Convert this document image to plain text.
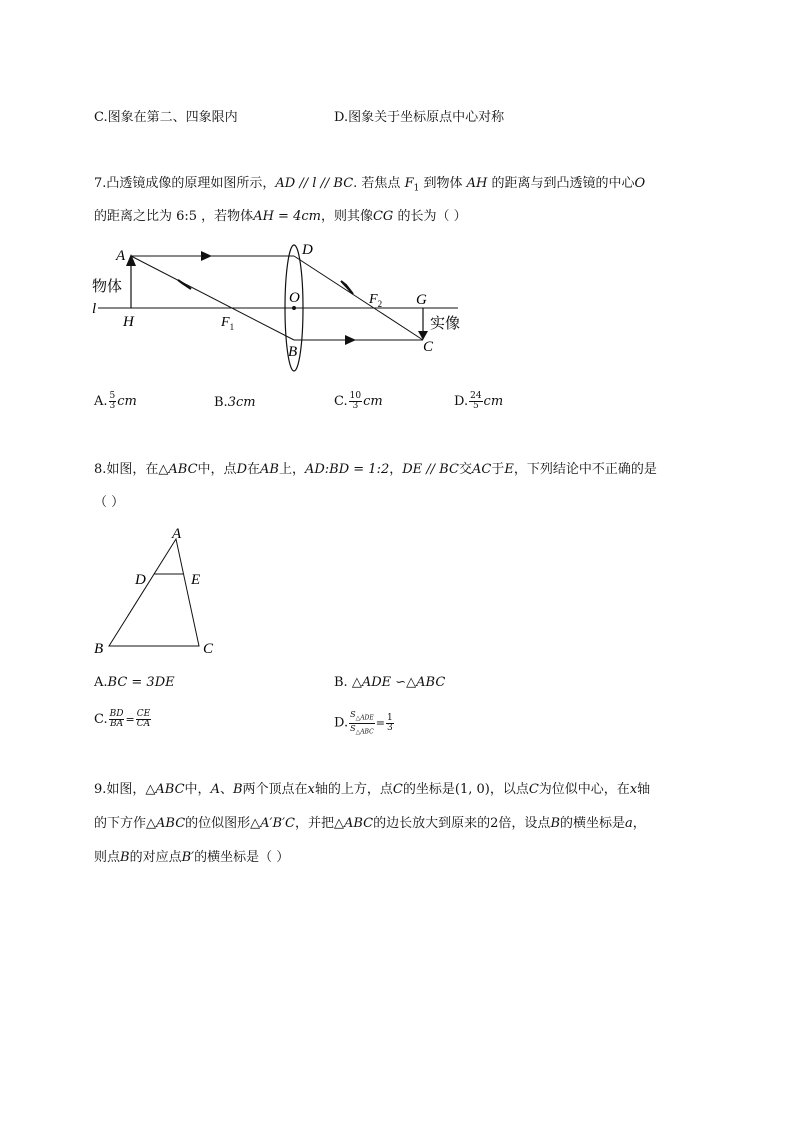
C.图象在第二、四象限内	D.图象关于坐标原点中心对称
7.凸透镜成像的原理如图所示，AD // l // BC. 若焦点 $F_1$ 到物体 AH 的距离与到凸透镜的中心O
的距离之比为 6:5 ，若物体AH = 4cm，则其像CG 的长为（ ）
A	D
O	$F_2$ G
物体
l
H	$F_1$	实像
B	C
A. $\frac{5}{3}$ cm	B.3cm	C. $\frac{10}{3}$ cm	D. $\frac{24}{5}$ cm
8.如图，在△ABC中，点D在AB上，AD:BD = 1:2，DE // BC交AC于E，下列结论中不正确的是
（ ）
A
D	E
B	C
A.BC = 3DE	B. △ADE ∽△ABC
C. $\frac{BD}{BA} = \frac{CE}{CA}$	D. $\frac{S_{\triangle ADE}}{S_{\triangle ABC}} = \frac{1}{3}$
9.如图，△ABC中，A、B两个顶点在x轴的上方，点C的坐标是(1, 0)，以点C为位似中心，在x轴
的下方作△ABC的位似图形△A′B′C，并把△ABC的边长放大到原来的2倍，设点B的横坐标是a，
则点B的对应点B′的横坐标是（ ）
